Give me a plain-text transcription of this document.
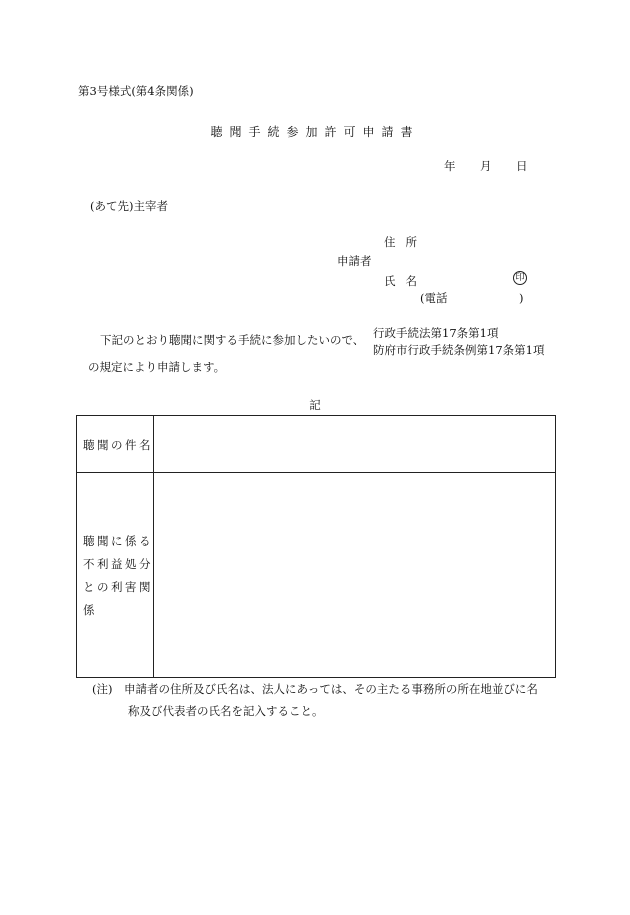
第3号様式(第4条関係)
聴聞手続参加許可申請書
年 月 日
(あて先)主宰者
住所
申請者
氏名	印
(電話	)
下記のとおり聴聞に関する手続に参加したいので、 行政手続法第17条第1項
防府市行政手続条例第17条第1項
の規定により申請します。
記
聴聞の件名
聴聞に係る
不利益処分
との利害関
係
(注)　申請者の住所及び氏名は、法人にあっては、その主たる事務所の所在地並びに名
称及び代表者の氏名を記入すること。
